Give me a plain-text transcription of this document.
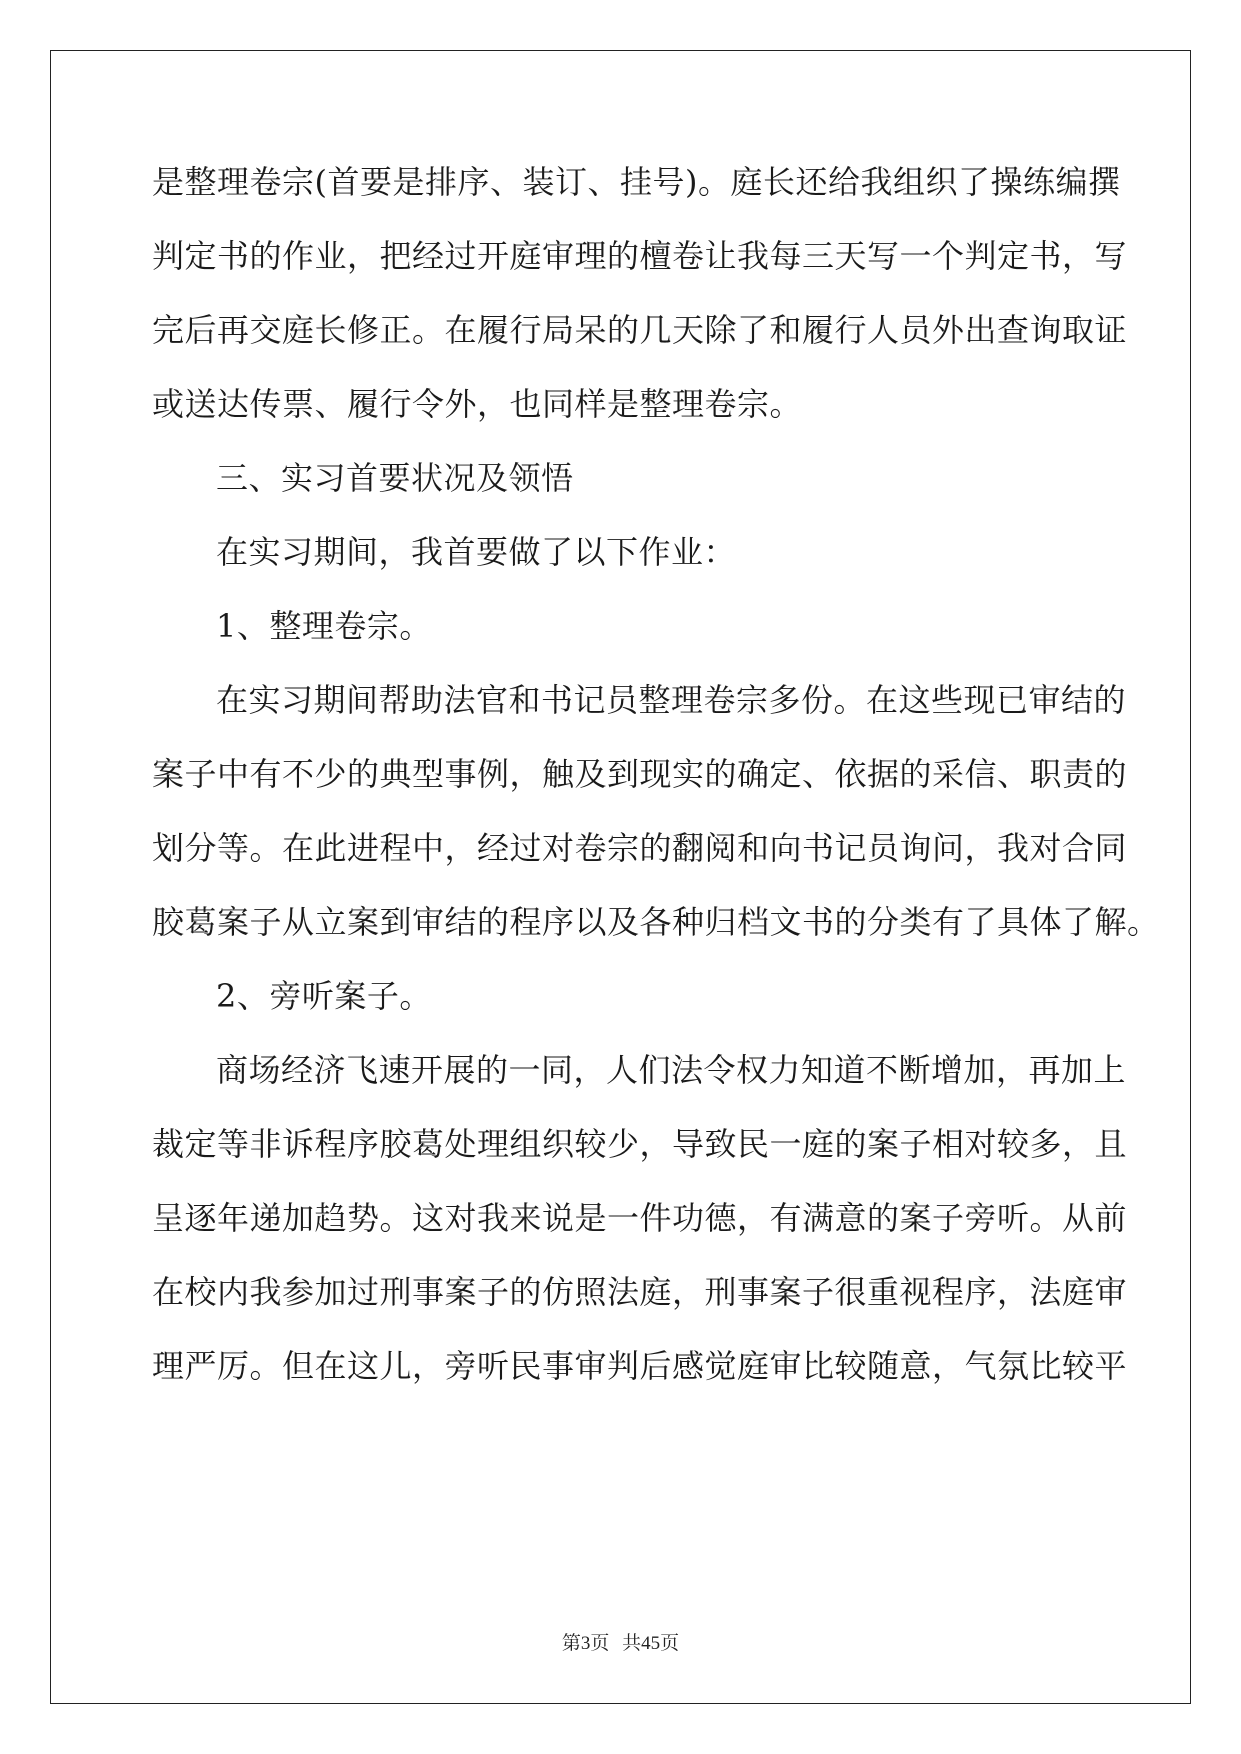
是整理卷宗(首要是排序、装订、挂号)。庭长还给我组织了操练编撰
判定书的作业，把经过开庭审理的檀卷让我每三天写一个判定书，写
完后再交庭长修正。在履行局呆的几天除了和履行人员外出查询取证
或送达传票、履行令外，也同样是整理卷宗。
三、实习首要状况及领悟
在实习期间，我首要做了以下作业：
1、整理卷宗。
在实习期间帮助法官和书记员整理卷宗多份。在这些现已审结的
案子中有不少的典型事例，触及到现实的确定、依据的采信、职责的
划分等。在此进程中，经过对卷宗的翻阅和向书记员询问，我对合同
胶葛案子从立案到审结的程序以及各种归档文书的分类有了具体了解。
2、旁听案子。
商场经济飞速开展的一同，人们法令权力知道不断增加，再加上
裁定等非诉程序胶葛处理组织较少，导致民一庭的案子相对较多，且
呈逐年递加趋势。这对我来说是一件功德，有满意的案子旁听。从前
在校内我参加过刑事案子的仿照法庭，刑事案子很重视程序，法庭审
理严厉。但在这儿，旁听民事审判后感觉庭审比较随意，气氛比较平
第3页 共45页
